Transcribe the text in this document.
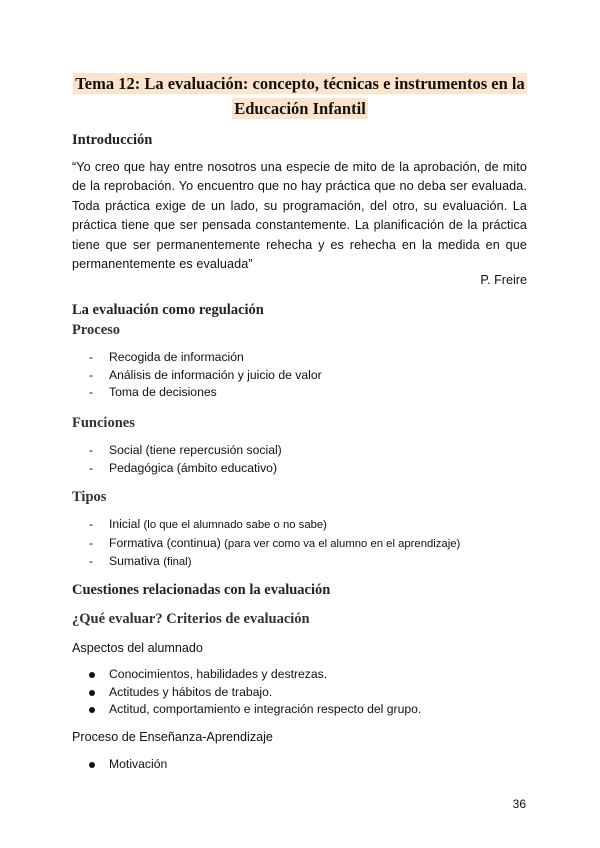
Tema 12: La evaluación: concepto, técnicas e instrumentos en la
Educación Infantil
Introducción
“Yo creo que hay entre nosotros una especie de mito de la aprobación, de mito de la reprobación. Yo encuentro que no hay práctica que no deba ser evaluada. Toda práctica exige de un lado, su programación, del otro, su evaluación. La práctica tiene que ser pensada constantemente. La planificación de la práctica tiene que ser permanentemente rehecha y es rehecha en la medida en que permanentemente es evaluada”
P. Freire
La evaluación como regulación
Proceso
- Recogida de información
- Análisis de información y juicio de valor
- Toma de decisiones
Funciones
- Social (tiene repercusión social)
- Pedagógica (ámbito educativo)
Tipos
- Inicial (lo que el alumnado sabe o no sabe)
- Formativa (continua) (para ver como va el alumno en el aprendizaje)
- Sumativa (final)
Cuestiones relacionadas con la evaluación
¿Qué evaluar? Criterios de evaluación
Aspectos del alumnado
Conocimientos, habilidades y destrezas.
Actitudes y hábitos de trabajo.
Actitud, comportamiento e integración respecto del grupo.
Proceso de Enseñanza-Aprendizaje
Motivación
36
